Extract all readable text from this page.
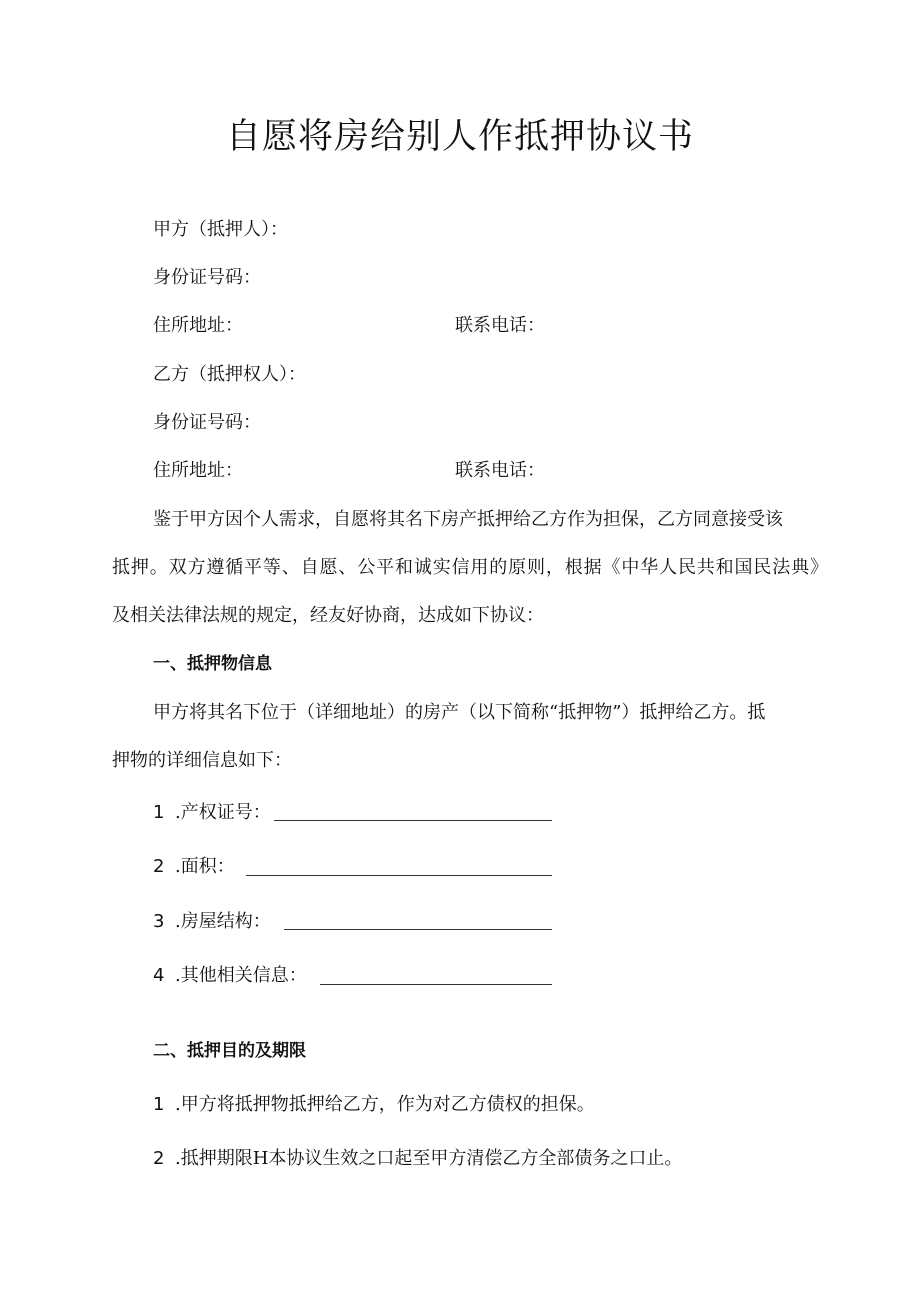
自愿将房给别人作抵押协议书
甲方（抵押人）：
身份证号码：
住所地址：	联系电话：
乙方（抵押权人）：
身份证号码：
住所地址：	联系电话：
鉴于甲方因个人需求，自愿将其名下房产抵押给乙方作为担保，乙方同意接受该
抵押。双方遵循平等、自愿、公平和诚实信用的原则，根据《中华人民共和国民法典》
及相关法律法规的规定，经友好协商，达成如下协议：
一、抵押物信息
甲方将其名下位于（详细地址）的房产（以下简称“抵押物”）抵押给乙方。抵
押物的详细信息如下：
1 .产权证号：
2 .面积：
3 .房屋结构：
4 .其他相关信息：
二、抵押目的及期限
1 .甲方将抵押物抵押给乙方，作为对乙方债权的担保。
2 .抵押期限H本协议生效之口起至甲方清偿乙方全部债务之口止。
